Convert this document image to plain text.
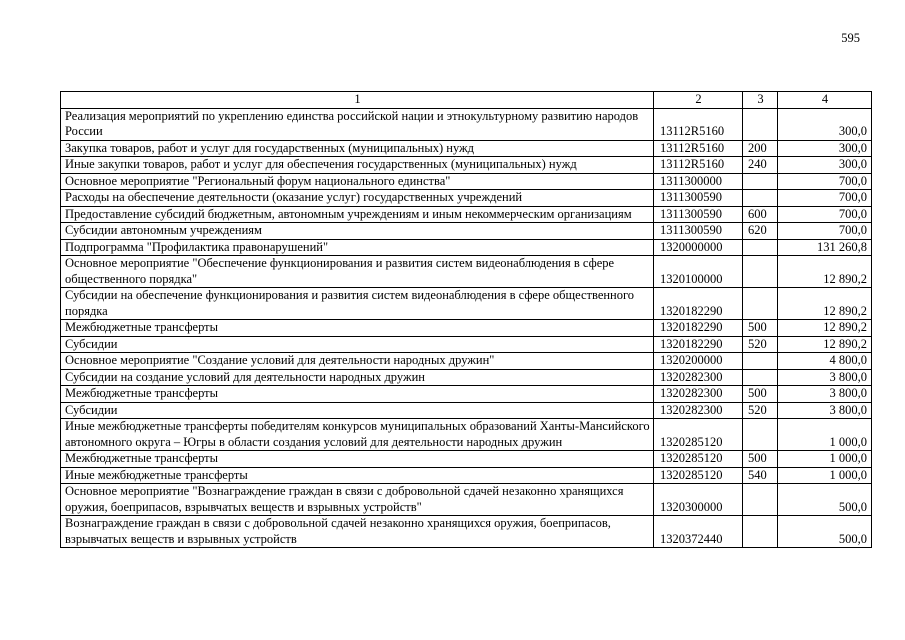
595
1	2	3	4
Реализация мероприятий по укреплению единства российской нации и этнокультурному развитию народов России	13112R5160		300,0
Закупка товаров, работ и услуг для государственных (муниципальных) нужд	13112R5160	200	300,0
Иные закупки товаров, работ и услуг для обеспечения государственных (муниципальных) нужд	13112R5160	240	300,0
Основное мероприятие "Региональный форум национального единства"	1311300000		700,0
Расходы на обеспечение деятельности (оказание услуг) государственных учреждений	1311300590		700,0
Предоставление субсидий бюджетным, автономным учреждениям и иным некоммерческим организациям	1311300590	600	700,0
Субсидии автономным учреждениям	1311300590	620	700,0
Подпрограмма "Профилактика правонарушений"	1320000000		131 260,8
Основное мероприятие "Обеспечение функционирования и развития систем видеонаблюдения в сфере общественного порядка"	1320100000		12 890,2
Субсидии на обеспечение функционирования и развития систем видеонаблюдения в сфере общественного порядка	1320182290		12 890,2
Межбюджетные трансферты	1320182290	500	12 890,2
Субсидии	1320182290	520	12 890,2
Основное мероприятие "Создание условий для деятельности народных дружин"	1320200000		4 800,0
Субсидии на создание условий для деятельности народных дружин	1320282300		3 800,0
Межбюджетные трансферты	1320282300	500	3 800,0
Субсидии	1320282300	520	3 800,0
Иные межбюджетные трансферты победителям конкурсов муниципальных образований Ханты-Мансийского автономного округа – Югры в области создания условий для деятельности народных дружин	1320285120		1 000,0
Межбюджетные трансферты	1320285120	500	1 000,0
Иные межбюджетные трансферты	1320285120	540	1 000,0
Основное мероприятие "Вознаграждение граждан в связи с добровольной сдачей незаконно хранящихся оружия, боеприпасов, взрывчатых веществ и взрывных устройств"	1320300000		500,0
Вознаграждение граждан в связи с добровольной сдачей незаконно хранящихся оружия, боеприпасов, взрывчатых веществ и взрывных устройств	1320372440		500,0
